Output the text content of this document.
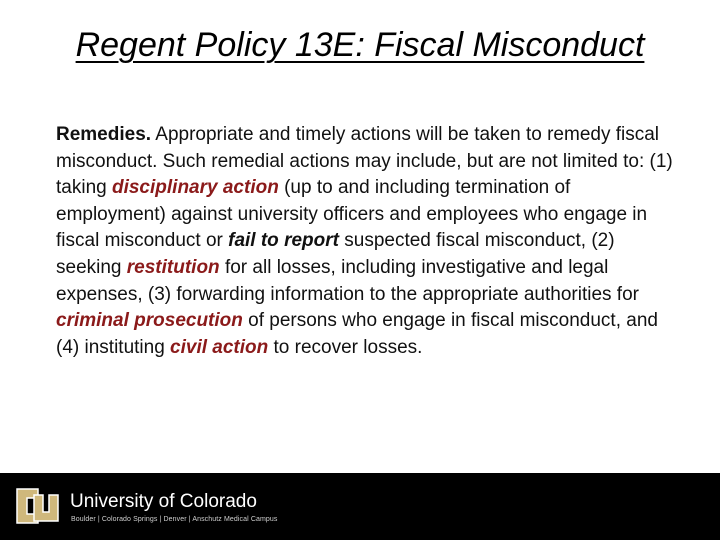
Regent Policy 13E: Fiscal Misconduct

Remedies. Appropriate and timely actions will be taken to remedy fiscal misconduct. Such remedial actions may include, but are not limited to: (1) taking disciplinary action (up to and including termination of employment) against university officers and employees who engage in fiscal misconduct or fail to report suspected fiscal misconduct, (2) seeking restitution for all losses, including investigative and legal expenses, (3) forwarding information to the appropriate authorities for criminal prosecution of persons who engage in fiscal misconduct, and (4) instituting civil action to recover losses.

University of Colorado
Boulder | Colorado Springs | Denver | Anschutz Medical Campus
